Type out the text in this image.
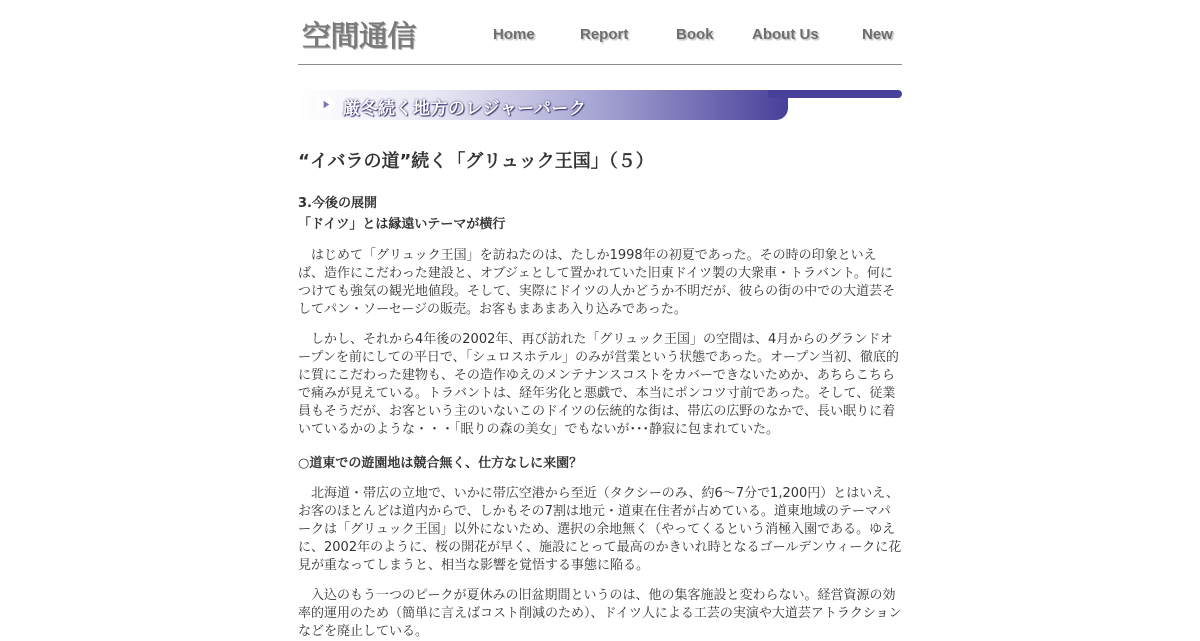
空間通信	Home	Report	Book	About Us	New
厳冬続く地方のレジャーパーク
“イバラの道”続く「グリュック王国」（５）
3.今後の展開
「ドイツ」とは縁遠いテーマが横行

　はじめて「グリュック王国」を訪ねたのは、たしか1998年の初夏であった。その時の印象といえば、造作にこだわった建設と、オブジェとして置かれていた旧東ドイツ製の大衆車・トラバント。何につけても強気の観光地値段。そして、実際にドイツの人かどうか不明だが、彼らの街の中での大道芸そしてパン・ソーセージの販売。お客もまあまあ入り込みであった。

　しかし、それから4年後の2002年、再び訪れた「グリュック王国」の空間は、4月からのグランドオープンを前にしての平日で、「シュロスホテル」のみが営業という状態であった。オープン当初、徹底的に質にこだわった建物も、その造作ゆえのメンテナンスコストをカバーできないためか、あちらこちらで痛みが見えている。トラバントは、経年劣化と悪戯で、本当にポンコツ寸前であった。そして、従業員もそうだが、お客という主のいないこのドイツの伝統的な街は、帯広の広野のなかで、長い眠りに着いているかのような・・・「眠りの森の美女」でもないが･･･静寂に包まれていた。

○道東での遊園地は競合無く、仕方なしに来園？

　北海道・帯広の立地で、いかに帯広空港から至近（タクシーのみ、約6～7分で1,200円）とはいえ、お客のほとんどは道内からで、しかもその7割は地元・道東在住者が占めている。道東地域のテーマパークは「グリュック王国」以外にないため、選択の余地無く（やってくるという消極入園である。ゆえに、2002年のように、桜の開花が早く、施設にとって最高のかきいれ時となるゴールデンウィークに花見が重なってしまうと、相当な影響を覚悟する事態に陥る。

　入込のもう一つのピークが夏休みの旧盆期間というのは、他の集客施設と変わらない。経営資源の効率的運用のため（簡単に言えばコスト削減のため）、ドイツ人による工芸の実演や大道芸アトラクションなどを廃止している。
